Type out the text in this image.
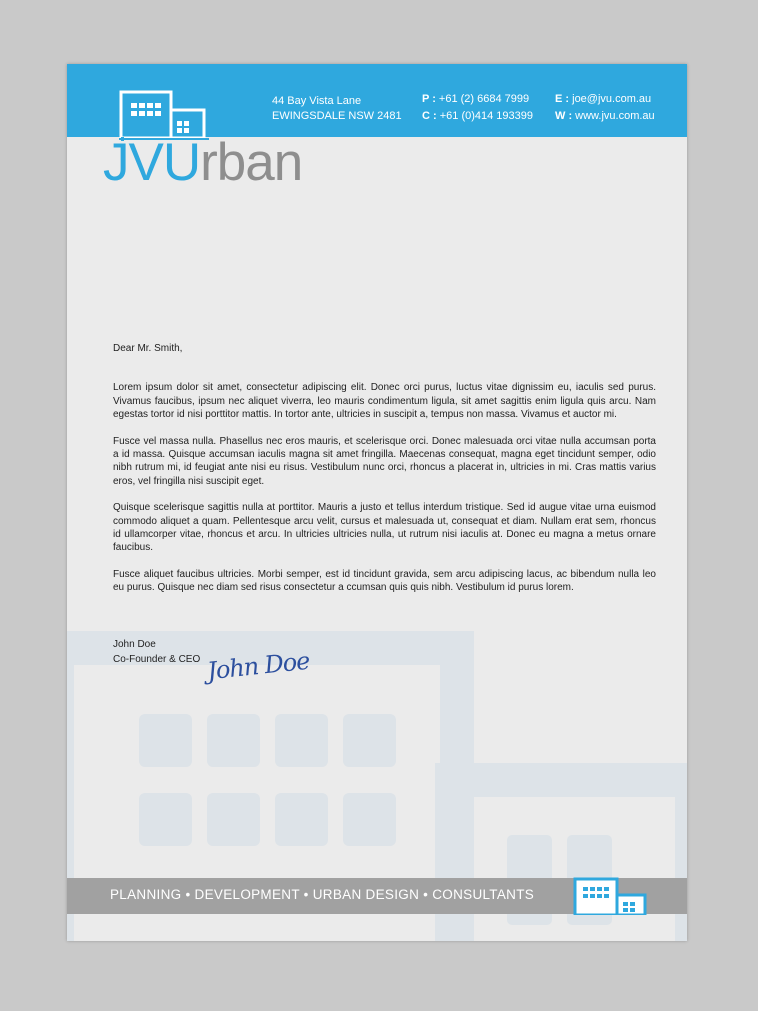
JVUrban
44 Bay Vista Lane
EWINGSDALE NSW 2481
P : +61 (2) 6684 7999
C : +61 (0)414 193399
E : joe@jvu.com.au
W : www.jvu.com.au

Dear Mr. Smith,

Lorem ipsum dolor sit amet, consectetur adipiscing elit. Donec orci purus, luctus vitae dignissim eu, iaculis sed purus. Vivamus faucibus, ipsum nec aliquet viverra, leo mauris condimentum ligula, sit amet sagittis enim ligula quis arcu. Nam egestas tortor id nisi porttitor mattis. In tortor ante, ultricies in suscipit a, tempus non massa. Vivamus et auctor mi.

Fusce vel massa nulla. Phasellus nec eros mauris, et scelerisque orci. Donec malesuada orci vitae nulla accumsan porta a id massa. Quisque accumsan iaculis magna sit amet fringilla. Maecenas consequat, magna eget tincidunt semper, odio nibh rutrum mi, id feugiat ante nisi eu risus. Vestibulum nunc orci, rhoncus a placerat in, ultricies in mi. Cras mattis varius eros, vel fringilla nisi suscipit eget.

Quisque scelerisque sagittis nulla at porttitor. Mauris a justo et tellus interdum tristique. Sed id augue vitae urna euismod commodo aliquet a quam. Pellentesque arcu velit, cursus et malesuada ut, consequat et diam. Nullam erat sem, rhoncus id ullamcorper vitae, rhoncus et arcu. In ultricies ultricies nulla, ut rutrum nisi iaculis at. Donec eu magna a metus ornare faucibus.

Fusce aliquet faucibus ultricies. Morbi semper, est id tincidunt gravida, sem arcu adipiscing lacus, ac bibendum nulla leo eu purus. Quisque nec diam sed risus consectetur a ccumsan quis quis nibh. Vestibulum id purus lorem.

John Doe
Co-Founder & CEO John Doe
PLANNING • DEVELOPMENT • URBAN DESIGN • CONSULTANTS
